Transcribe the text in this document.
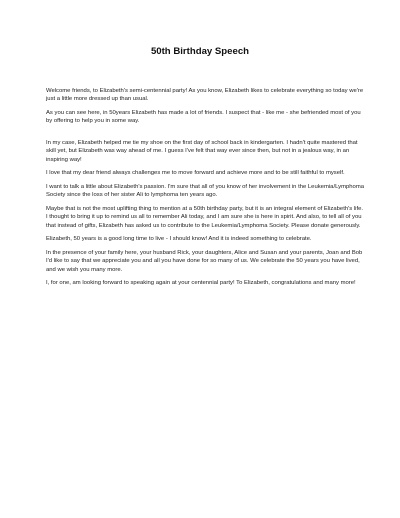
50th Birthday Speech

Welcome friends, to Elizabeth's semi-centennial party! As you know, Elizabeth likes to celebrate everything so today we're just a little more dressed up than usual.

As you can see here, in 50years Elizabeth has made a lot of friends. I suspect that - like me - she befriended most of you by offering to help you in some way.

In my case, Elizabeth helped me tie my shoe on the first day of school back in kindergarten. I hadn't quite mastered that skill yet, but Elizabeth was way ahead of me. I guess I've felt that way ever since then, but not in a jealous way, in an inspiring way!

I love that my dear friend always challenges me to move forward and achieve more and to be still faithful to myself.

I want to talk a little about Elizabeth's passion. I'm sure that all of you know of her involvement in the Leukemia/Lymphoma Society since the loss of her sister Ali to lymphoma ten years ago.

Maybe that is not the most uplifting thing to mention at a 50th birthday party, but it is an integral element of Elizabeth's life. I thought to bring it up to remind us all to remember Ali today, and I am sure she is here in spirit. And also, to tell all of you that instead of gifts, Elizabeth has asked us to contribute to the Leukemia/Lymphoma Society. Please donate generously.

Elizabeth, 50 years is a good long time to live - I should know! And it is indeed something to celebrate.

In the presence of your family here, your husband Rick, your daughters, Alice and Susan and your parents, Joan and Bob I'd like to say that we appreciate you and all you have done for so many of us. We celebrate the 50 years you have lived, and we wish you many more.

I, for one, am looking forward to speaking again at your centennial party! To Elizabeth, congratulations and many more!
